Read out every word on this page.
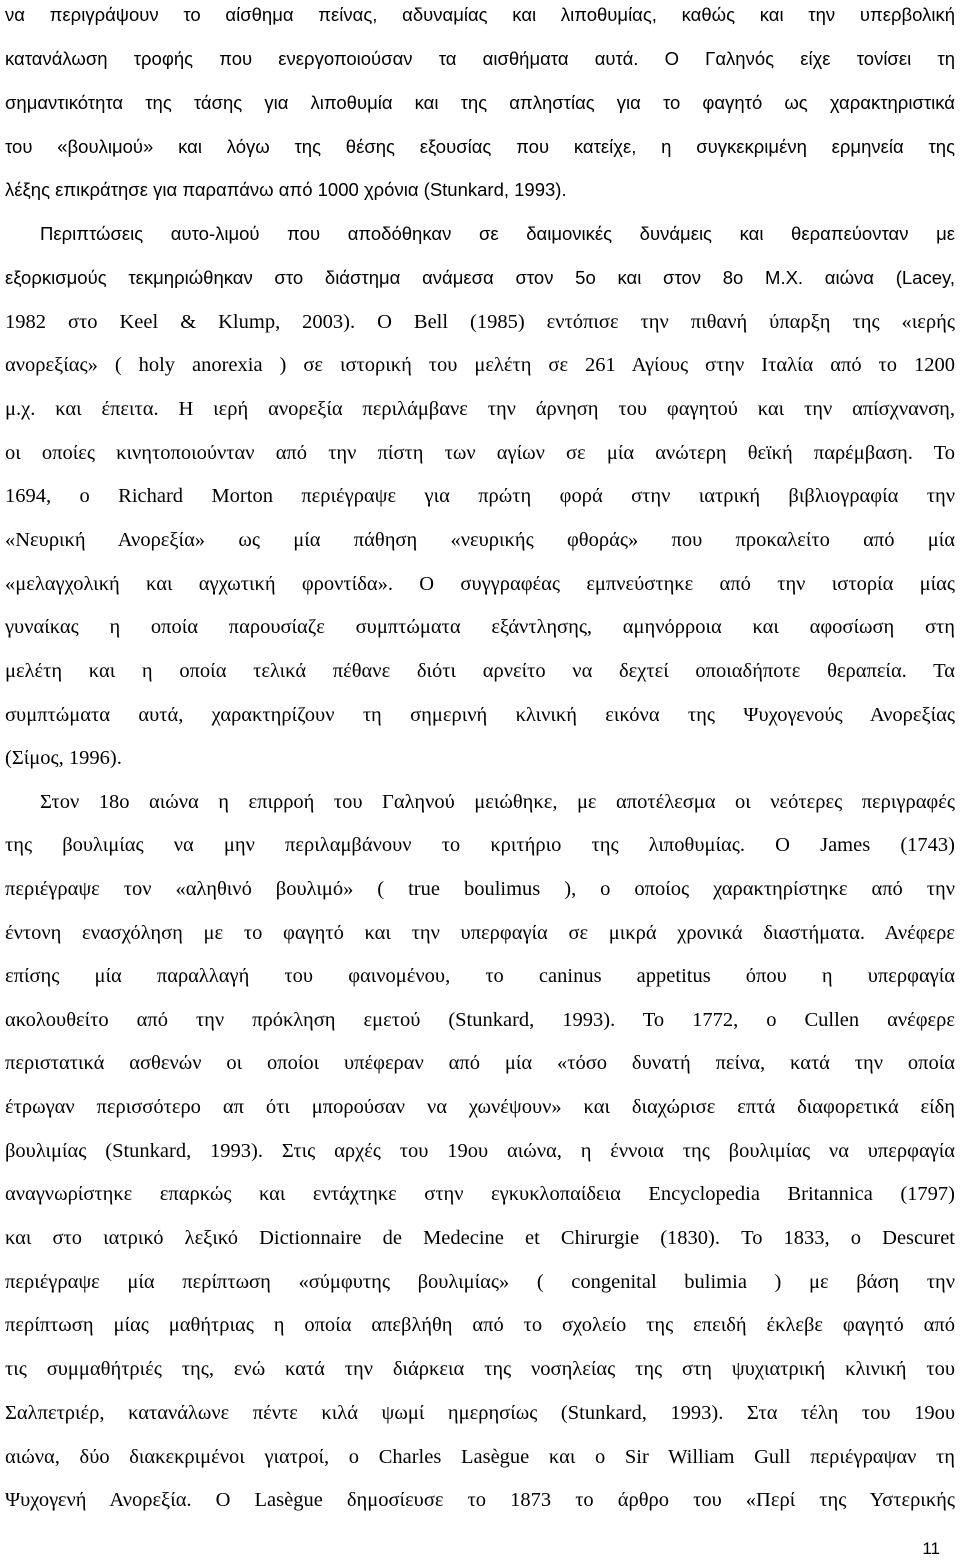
να περιγράψουν το αίσθημα πείνας, αδυναμίας και λιποθυμίας, καθώς και την υπερβολική
κατανάλωση τροφής που ενεργοποιούσαν τα αισθήματα αυτά. Ο Γαληνός είχε τονίσει τη
σημαντικότητα της τάσης για λιποθυμία και της απληστίας για το φαγητό ως χαρακτηριστικά
του «βουλιμού» και λόγω της θέσης εξουσίας που κατείχε, η συγκεκριμένη ερμηνεία της
λέξης επικράτησε για παραπάνω από 1000 χρόνια (Stunkard, 1993).
Περιπτώσεις αυτο-λιμού που αποδόθηκαν σε δαιμονικές δυνάμεις και θεραπεύονταν με
εξορκισμούς τεκμηριώθηκαν στο διάστημα ανάμεσα στον 5ο και στον 8ο Μ.Χ. αιώνα (Lacey,
1982 στο Keel & Klump, 2003). Ο Bell (1985) εντόπισε την πιθανή ύπαρξη της «ιερής
ανορεξίας» ( holy anorexia ) σε ιστορική του μελέτη σε 261 Αγίους στην Ιταλία από το 1200
μ.χ. και έπειτα. Η ιερή ανορεξία περιλάμβανε την άρνηση του φαγητού και την απίσχνανση,
οι οποίες κινητοποιούνταν από την πίστη των αγίων σε μία ανώτερη θεϊκή παρέμβαση. Το
1694, ο Richard Morton περιέγραψε για πρώτη φορά στην ιατρική βιβλιογραφία την
«Νευρική Ανορεξία» ως μία πάθηση «νευρικής φθοράς» που προκαλείτο από μία
«μελαγχολική και αγχωτική φροντίδα». Ο συγγραφέας εμπνεύστηκε από την ιστορία μίας
γυναίκας η οποία παρουσίαζε συμπτώματα εξάντλησης, αμηνόρροια και αφοσίωση στη
μελέτη και η οποία τελικά πέθανε διότι αρνείτο να δεχτεί οποιαδήποτε θεραπεία. Τα
συμπτώματα αυτά, χαρακτηρίζουν τη σημερινή κλινική εικόνα της Ψυχογενούς Ανορεξίας
(Σίμος, 1996).
Στον 18ο αιώνα η επιρροή του Γαληνού μειώθηκε, με αποτέλεσμα οι νεότερες περιγραφές
της βουλιμίας να μην περιλαμβάνουν το κριτήριο της λιποθυμίας. Ο James (1743)
περιέγραψε τον «αληθινό βουλιμό» ( true boulimus ), ο οποίος χαρακτηρίστηκε από την
έντονη ενασχόληση με το φαγητό και την υπερφαγία σε μικρά χρονικά διαστήματα. Ανέφερε
επίσης μία παραλλαγή του φαινομένου, το caninus appetitus όπου η υπερφαγία
ακολουθείτο από την πρόκληση εμετού (Stunkard, 1993). Το 1772, ο Cullen ανέφερε
περιστατικά ασθενών οι οποίοι υπέφεραν από μία «τόσο δυνατή πείνα, κατά την οποία
έτρωγαν περισσότερο απ ότι μπορούσαν να χωνέψουν» και διαχώρισε επτά διαφορετικά είδη
βουλιμίας (Stunkard, 1993). Στις αρχές του 19ου αιώνα, η έννοια της βουλιμίας να υπερφαγία
αναγνωρίστηκε επαρκώς και εντάχτηκε στην εγκυκλοπαίδεια Encyclopedia Britannica (1797)
και στο ιατρικό λεξικό Dictionnaire de Medecine et Chirurgie (1830). Το 1833, ο Descuret
περιέγραψε μία περίπτωση «σύμφυτης βουλιμίας» ( congenital bulimia ) με βάση την
περίπτωση μίας μαθήτριας η οποία απεβλήθη από το σχολείο της επειδή έκλεβε φαγητό από
τις συμμαθήτριές της, ενώ κατά την διάρκεια της νοσηλείας της στη ψυχιατρική κλινική του
Σαλπετριέρ, κατανάλωνε πέντε κιλά ψωμί ημερησίως (Stunkard, 1993). Στα τέλη του 19ου
αιώνα, δύο διακεκριμένοι γιατροί, ο Charles Lasègue και ο Sir William Gull περιέγραψαν τη
Ψυχογενή Ανορεξία. Ο Lasègue δημοσίευσε το 1873 το άρθρο του «Περί της Υστερικής
11
